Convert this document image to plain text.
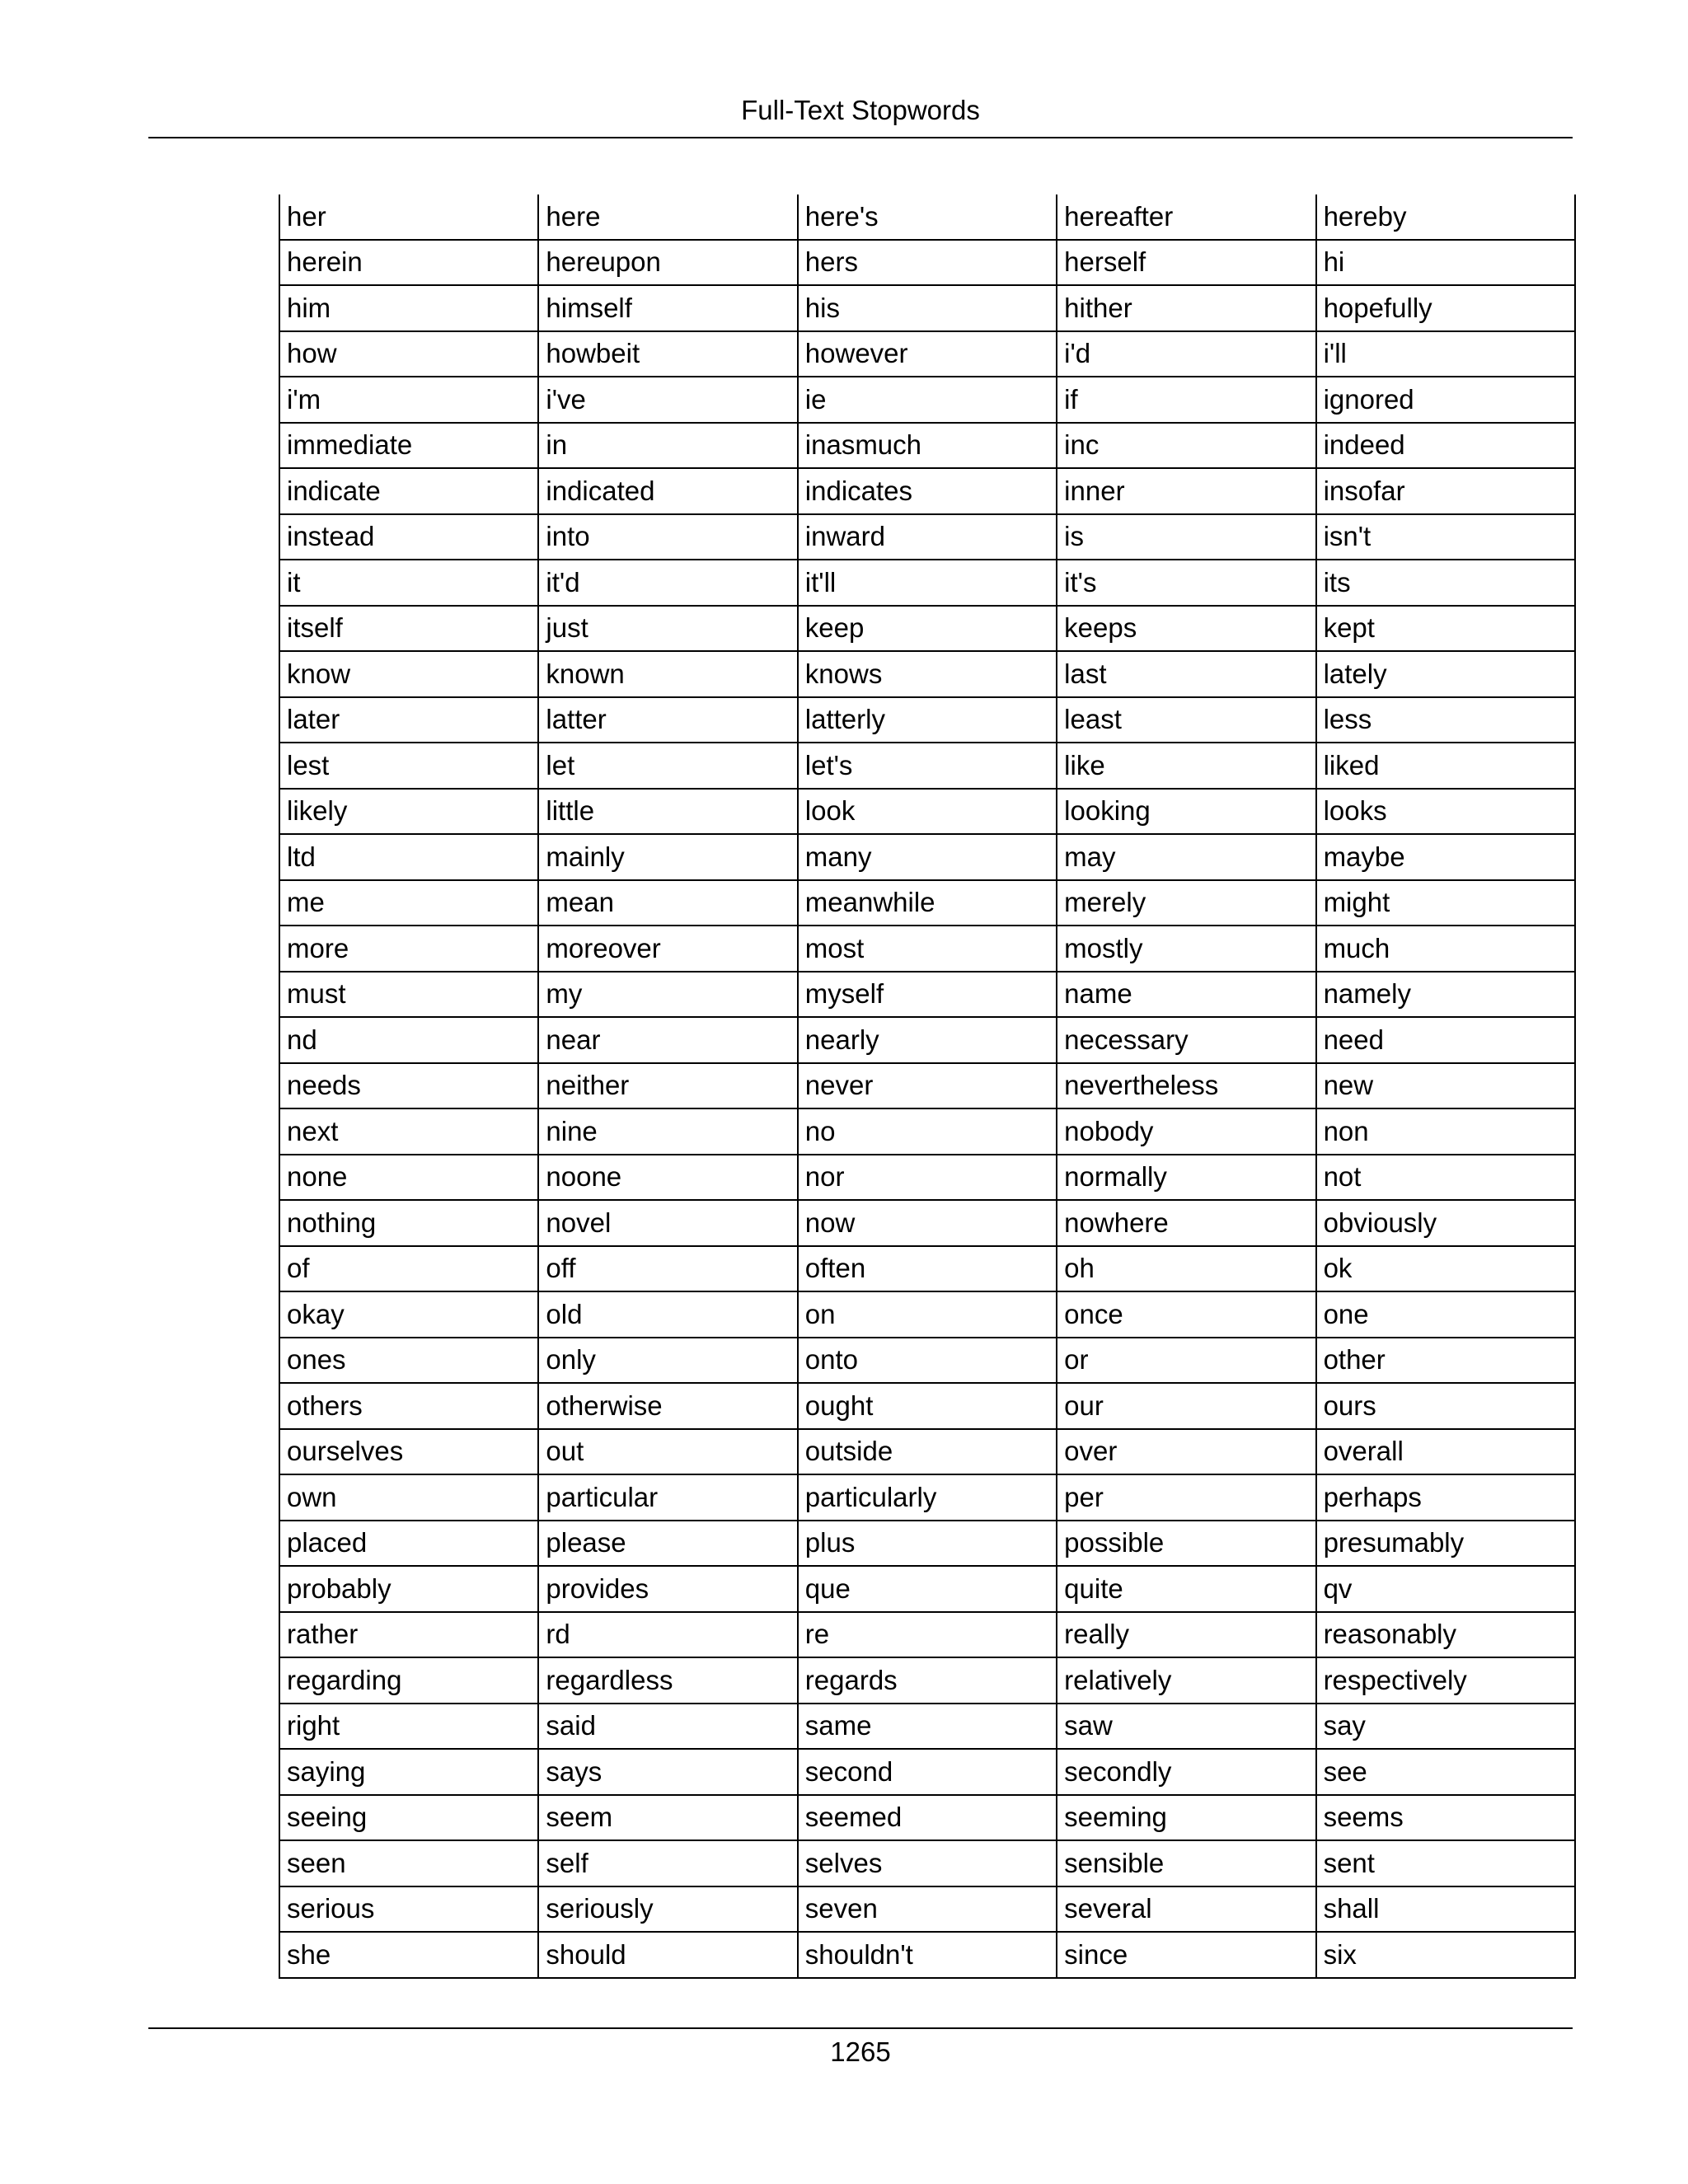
Full-Text Stopwords
her	here	here's	hereafter	hereby
herein	hereupon	hers	herself	hi
him	himself	his	hither	hopefully
how	howbeit	however	i'd	i'll
i'm	i've	ie	if	ignored
immediate	in	inasmuch	inc	indeed
indicate	indicated	indicates	inner	insofar
instead	into	inward	is	isn't
it	it'd	it'll	it's	its
itself	just	keep	keeps	kept
know	known	knows	last	lately
later	latter	latterly	least	less
lest	let	let's	like	liked
likely	little	look	looking	looks
ltd	mainly	many	may	maybe
me	mean	meanwhile	merely	might
more	moreover	most	mostly	much
must	my	myself	name	namely
nd	near	nearly	necessary	need
needs	neither	never	nevertheless	new
next	nine	no	nobody	non
none	noone	nor	normally	not
nothing	novel	now	nowhere	obviously
of	off	often	oh	ok
okay	old	on	once	one
ones	only	onto	or	other
others	otherwise	ought	our	ours
ourselves	out	outside	over	overall
own	particular	particularly	per	perhaps
placed	please	plus	possible	presumably
probably	provides	que	quite	qv
rather	rd	re	really	reasonably
regarding	regardless	regards	relatively	respectively
right	said	same	saw	say
saying	says	second	secondly	see
seeing	seem	seemed	seeming	seems
seen	self	selves	sensible	sent
serious	seriously	seven	several	shall
she	should	shouldn't	since	six
1265
